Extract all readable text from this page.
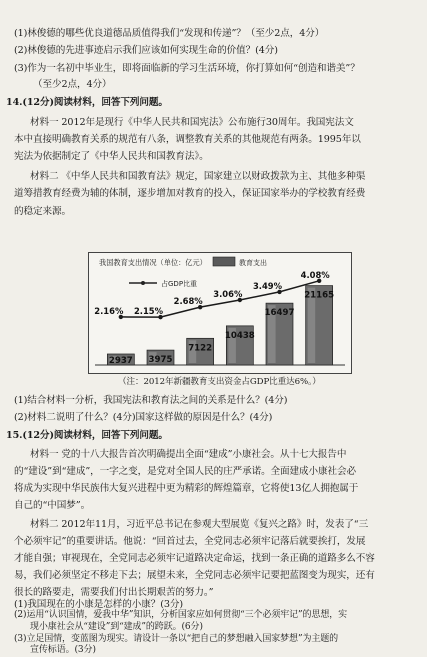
(1)林俊德的哪些优良道德品质值得我们“发现和传递”？（至少2点，4分）
(2)林俊德的先进事迹启示我们应该如何实现生命的价值？(4分)
(3)作为一名初中毕业生，即将面临新的学习生活环境，你打算如何“创造和谐美”？
（至少2点，4分）
14.(12分)阅读材料，回答下列问题。
材料一 2012年是现行《中华人民共和国宪法》公布施行30周年。我国宪法文
本中直接明确教育关系的规范有八条，调整教育关系的其他规范有两条。1995年以
宪法为依据制定了《中华人民共和国教育法》。
材料二 《中华人民共和国教育法》规定，国家建立以财政拨款为主、其他多种渠
道筹措教育经费为辅的体制，逐步增加对教育的投入，保证国家举办的学校教育经费
的稳定来源。
我国教育支出情况（单位：亿元）	教育支出
占GDP比重
2937 3975
7122
10438
16497
21165
2.16% 2.15%
2.68%
3.06%
3.49%
4.08%
（注：2012年新疆教育支出资金占GDP比重达6%。）
(1)结合材料一分析，我国宪法和教育法之间的关系是什么？(4分)
(2)材料二说明了什么？(4分)国家这样做的原因是什么？(4分)
15.(12分)阅读材料，回答下列问题。
材料一 党的十八大报告首次明确提出全面“建成”小康社会。从十七大报告中
的“建设”到“建成”，一字之变，是党对全国人民的庄严承诺。全面建成小康社会必
将成为实现中华民族伟大复兴进程中更为精彩的辉煌篇章，它将使13亿人拥抱属于
自己的“中国梦”。
材料二 2012年11月，习近平总书记在参观大型展览《复兴之路》时，发表了“三
个必须牢记”的重要讲话。他说：“回首过去，全党同志必须牢记落后就要挨打，发展
才能自强；审视现在，全党同志必须牢记道路决定命运，找到一条正确的道路多么不容
易，我们必须坚定不移走下去；展望未来，全党同志必须牢记要把蓝图变为现实，还有
很长的路要走，需要我们付出长期艰苦的努力。”
(1)我国现在的小康是怎样的小康？(3分)
(2)运用“认识国情，爱我中华”知识，分析国家应如何贯彻“三个必须牢记”的思想，实
现小康社会从“建设”到“建成”的跨跃。(6分)
(3)立足国情，变蓝图为现实。请设计一条以“把自己的梦想融入国家梦想”为主题的
宣传标语。(3分)
